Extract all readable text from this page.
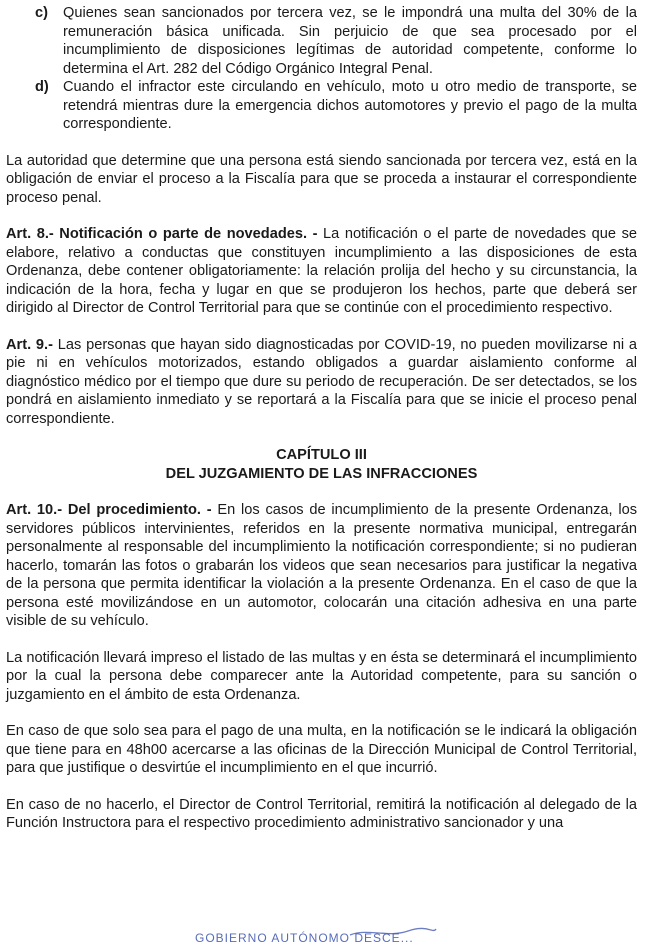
c)	Quienes sean sancionados por tercera vez, se le impondrá una multa del 30% de la remuneración básica unificada. Sin perjuicio de que sea procesado por el incumplimiento de disposiciones legítimas de autoridad competente, conforme lo determina el Art. 282 del Código Orgánico Integral Penal.
d) Cuando el infractor este circulando en vehículo, moto u otro medio de transporte, se retendrá mientras dure la emergencia dichos automotores y previo el pago de la multa correspondiente.

La autoridad que determine que una persona está siendo sancionada por tercera vez, está en la obligación de enviar el proceso a la Fiscalía para que se proceda a instaurar el correspondiente proceso penal.

Art. 8.- Notificación o parte de novedades. - La notificación o el parte de novedades que se elabore, relativo a conductas que constituyen incumplimiento a las disposiciones de esta Ordenanza, debe contener obligatoriamente: la relación prolija del hecho y su circunstancia, la indicación de la hora, fecha y lugar en que se produjeron los hechos, parte que deberá ser dirigido al Director de Control Territorial para que se continúe con el procedimiento respectivo.

Art. 9.- Las personas que hayan sido diagnosticadas por COVID-19, no pueden movilizarse ni a pie ni en vehículos motorizados, estando obligados a guardar aislamiento conforme al diagnóstico médico por el tiempo que dure su periodo de recuperación. De ser detectados, se los pondrá en aislamiento inmediato y se reportará a la Fiscalía para que se inicie el proceso penal correspondiente.

CAPÍTULO III
DEL JUZGAMIENTO DE LAS INFRACCIONES

Art. 10.- Del procedimiento. - En los casos de incumplimiento de la presente Ordenanza, los servidores públicos intervinientes, referidos en la presente normativa municipal, entregarán personalmente al responsable del incumplimiento la notificación correspondiente; si no pudieran hacerlo, tomarán las fotos o grabarán los videos que sean necesarios para justificar la negativa de la persona que permita identificar la violación a la presente Ordenanza. En el caso de que la persona esté movilizándose en un automotor, colocarán una citación adhesiva en una parte visible de su vehículo.

La notificación llevará impreso el listado de las multas y en ésta se determinará el incumplimiento por la cual la persona debe comparecer ante la Autoridad competente, para su sanción o juzgamiento en el ámbito de esta Ordenanza.

En caso de que solo sea para el pago de una multa, en la notificación se le indicará la obligación que tiene para en 48h00 acercarse a las oficinas de la Dirección Municipal de Control Territorial, para que justifique o desvirtúe el incumplimiento en el que incurrió.

En caso de no hacerlo, el Director de Control Territorial, remitirá la notificación al delegado de la Función Instructora para el respectivo procedimiento administrativo sancionador y una

GOBIERNO AUTÓNOMO DESCE...
